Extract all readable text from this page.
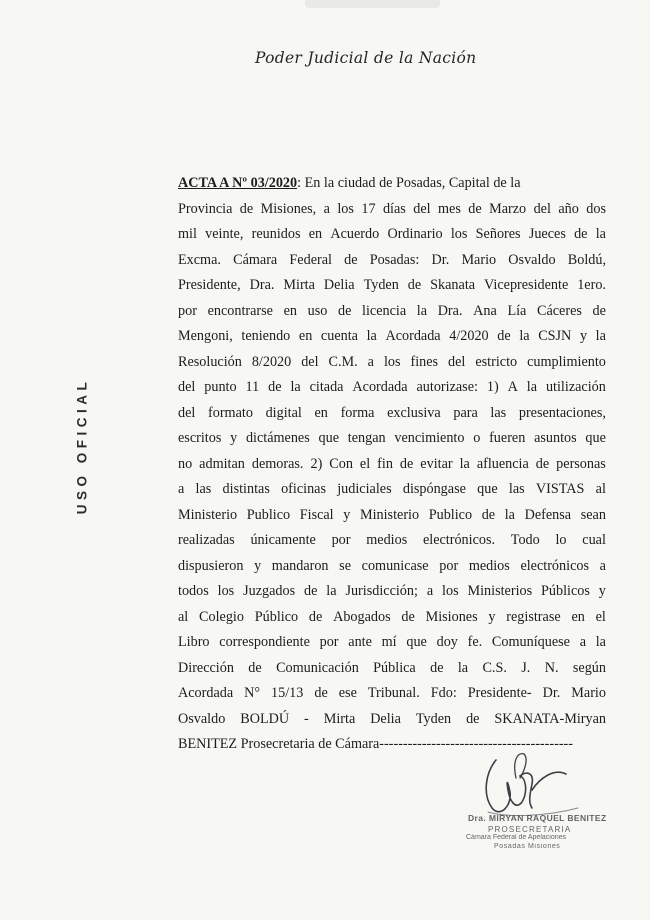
Poder Judicial de la Nación
USO OFICIAL
ACTA A Nº 03/2020: En la ciudad de Posadas, Capital de la
Provincia de Misiones, a los 17 días del mes de Marzo del año dos
mil veinte, reunidos en Acuerdo Ordinario los Señores Jueces de la
Excma. Cámara Federal de Posadas: Dr. Mario Osvaldo Boldú,
Presidente, Dra. Mirta Delia Tyden de Skanata Vicepresidente 1ero.
por encontrarse en uso de licencia la Dra. Ana Lía Cáceres de
Mengoni, teniendo en cuenta la Acordada 4/2020 de la CSJN y la
Resolución 8/2020 del C.M. a los fines del estricto cumplimiento
del punto 11 de la citada Acordada autorizase: 1) A la utilización
del formato digital en forma exclusiva para las presentaciones,
escritos y dictámenes que tengan vencimiento o fueren asuntos que
no admitan demoras. 2) Con el fin de evitar la afluencia de personas
a las distintas oficinas judiciales dispóngase que las VISTAS al
Ministerio Publico Fiscal y Ministerio Publico de la Defensa sean
realizadas únicamente por medios electrónicos. Todo lo cual
dispusieron y mandaron se comunicase por medios electrónicos a
todos los Juzgados de la Jurisdicción; a los Ministerios Públicos y
al Colegio Público de Abogados de Misiones y registrase en el
Libro correspondiente por ante mí que doy fe. Comuníquese a la
Dirección de Comunicación Pública de la C.S. J. N. según
Acordada N° 15/13 de ese Tribunal. Fdo: Presidente- Dr. Mario
Osvaldo BOLDÚ - Mirta Delia Tyden de SKANATA-Miryan
BENITEZ Prosecretaria de Cámara-----------------------------------------
Dra. MIRYAN RAQUEL BENITEZ
PROSECRETARIA
Cámara Federal de Apelaciones
Posadas Misiones
